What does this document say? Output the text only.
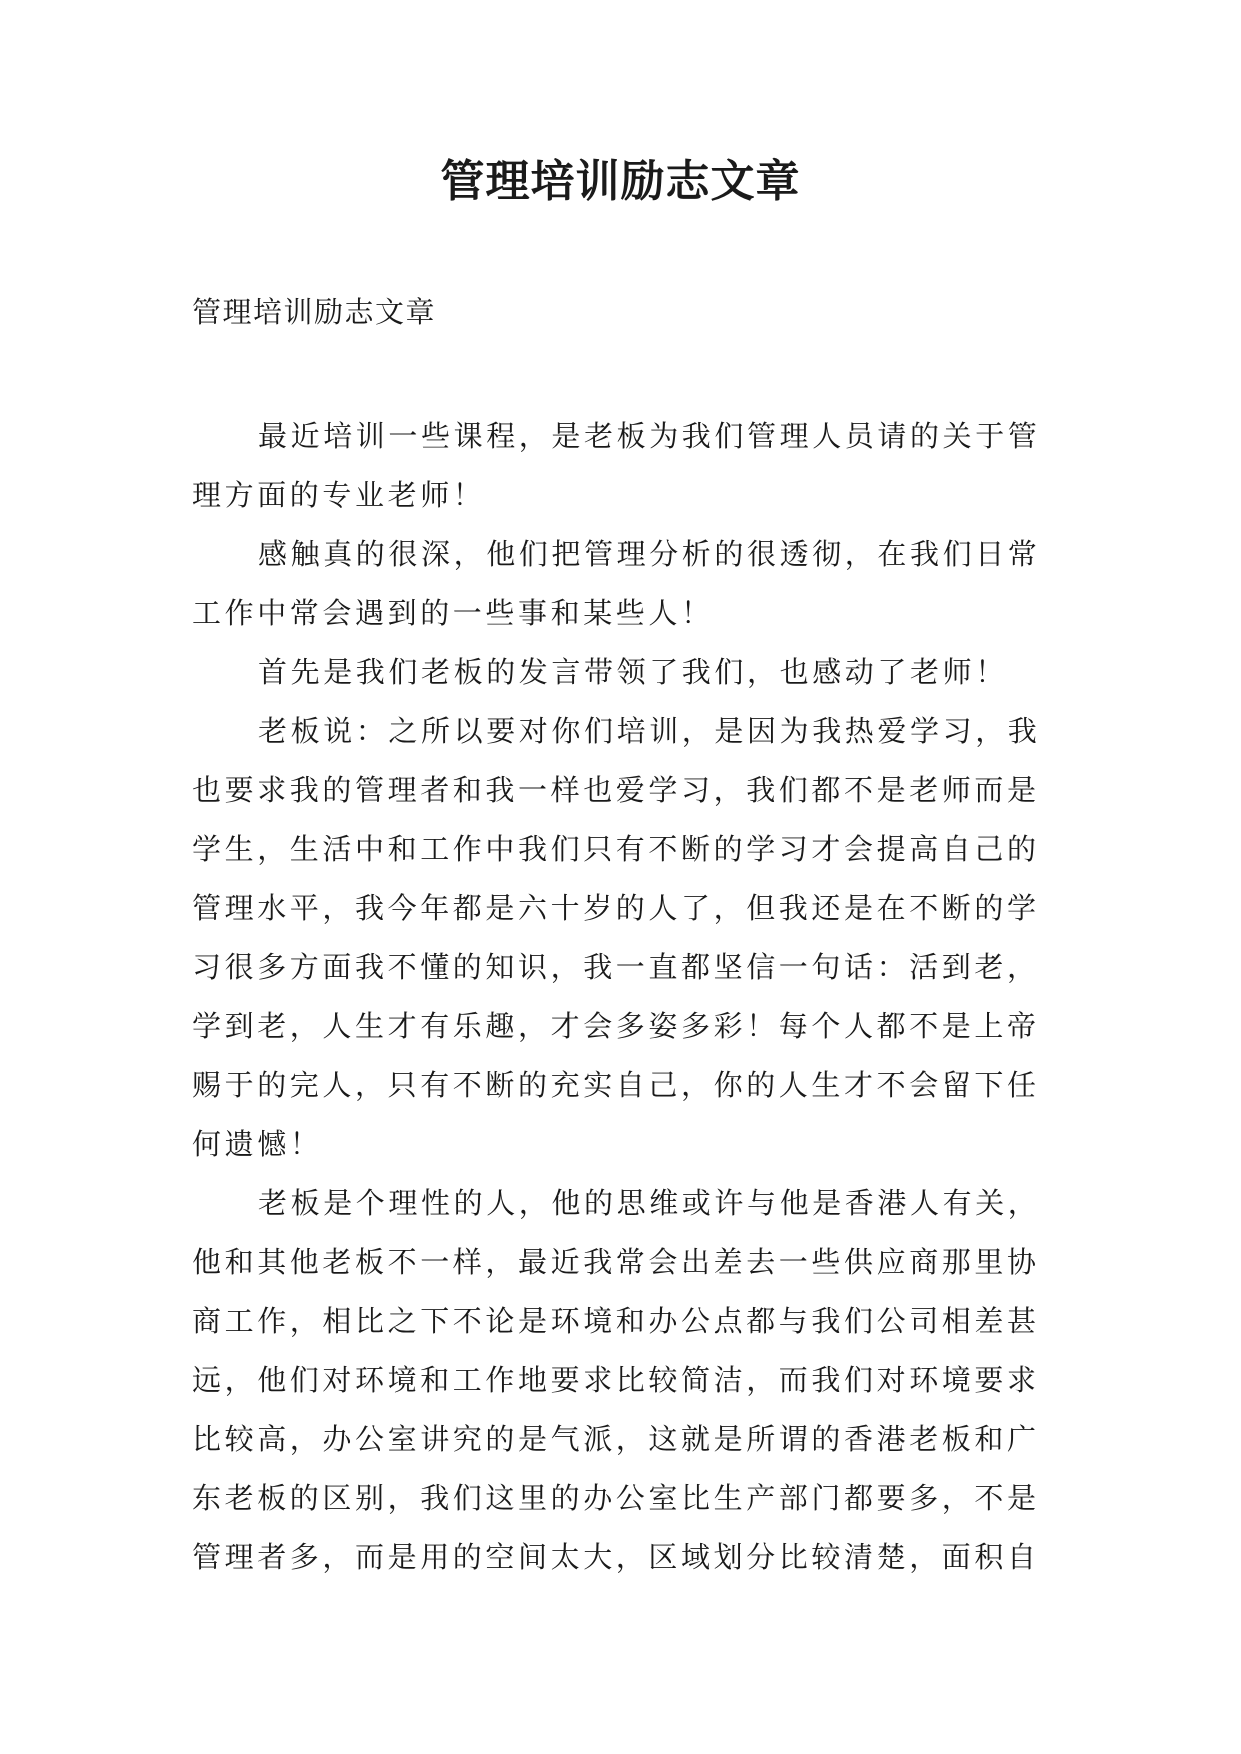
管理培训励志文章
管理培训励志文章

最近培训一些课程，是老板为我们管理人员请的关于管
理方面的专业老师！

感触真的很深，他们把管理分析的很透彻，在我们日常
工作中常会遇到的一些事和某些人！

首先是我们老板的发言带领了我们，也感动了老师！

老板说：之所以要对你们培训，是因为我热爱学习，我
也要求我的管理者和我一样也爱学习，我们都不是老师而是
学生，生活中和工作中我们只有不断的学习才会提高自己的
管理水平，我今年都是六十岁的人了，但我还是在不断的学
习很多方面我不懂的知识，我一直都坚信一句话：活到老，
学到老，人生才有乐趣，才会多姿多彩！每个人都不是上帝
赐于的完人，只有不断的充实自己，你的人生才不会留下任
何遗憾！

老板是个理性的人，他的思维或许与他是香港人有关，
他和其他老板不一样，最近我常会出差去一些供应商那里协
商工作，相比之下不论是环境和办公点都与我们公司相差甚
远，他们对环境和工作地要求比较简洁，而我们对环境要求
比较高，办公室讲究的是气派，这就是所谓的香港老板和广
东老板的区别，我们这里的办公室比生产部门都要多，不是
管理者多，而是用的空间太大，区域划分比较清楚，面积自
